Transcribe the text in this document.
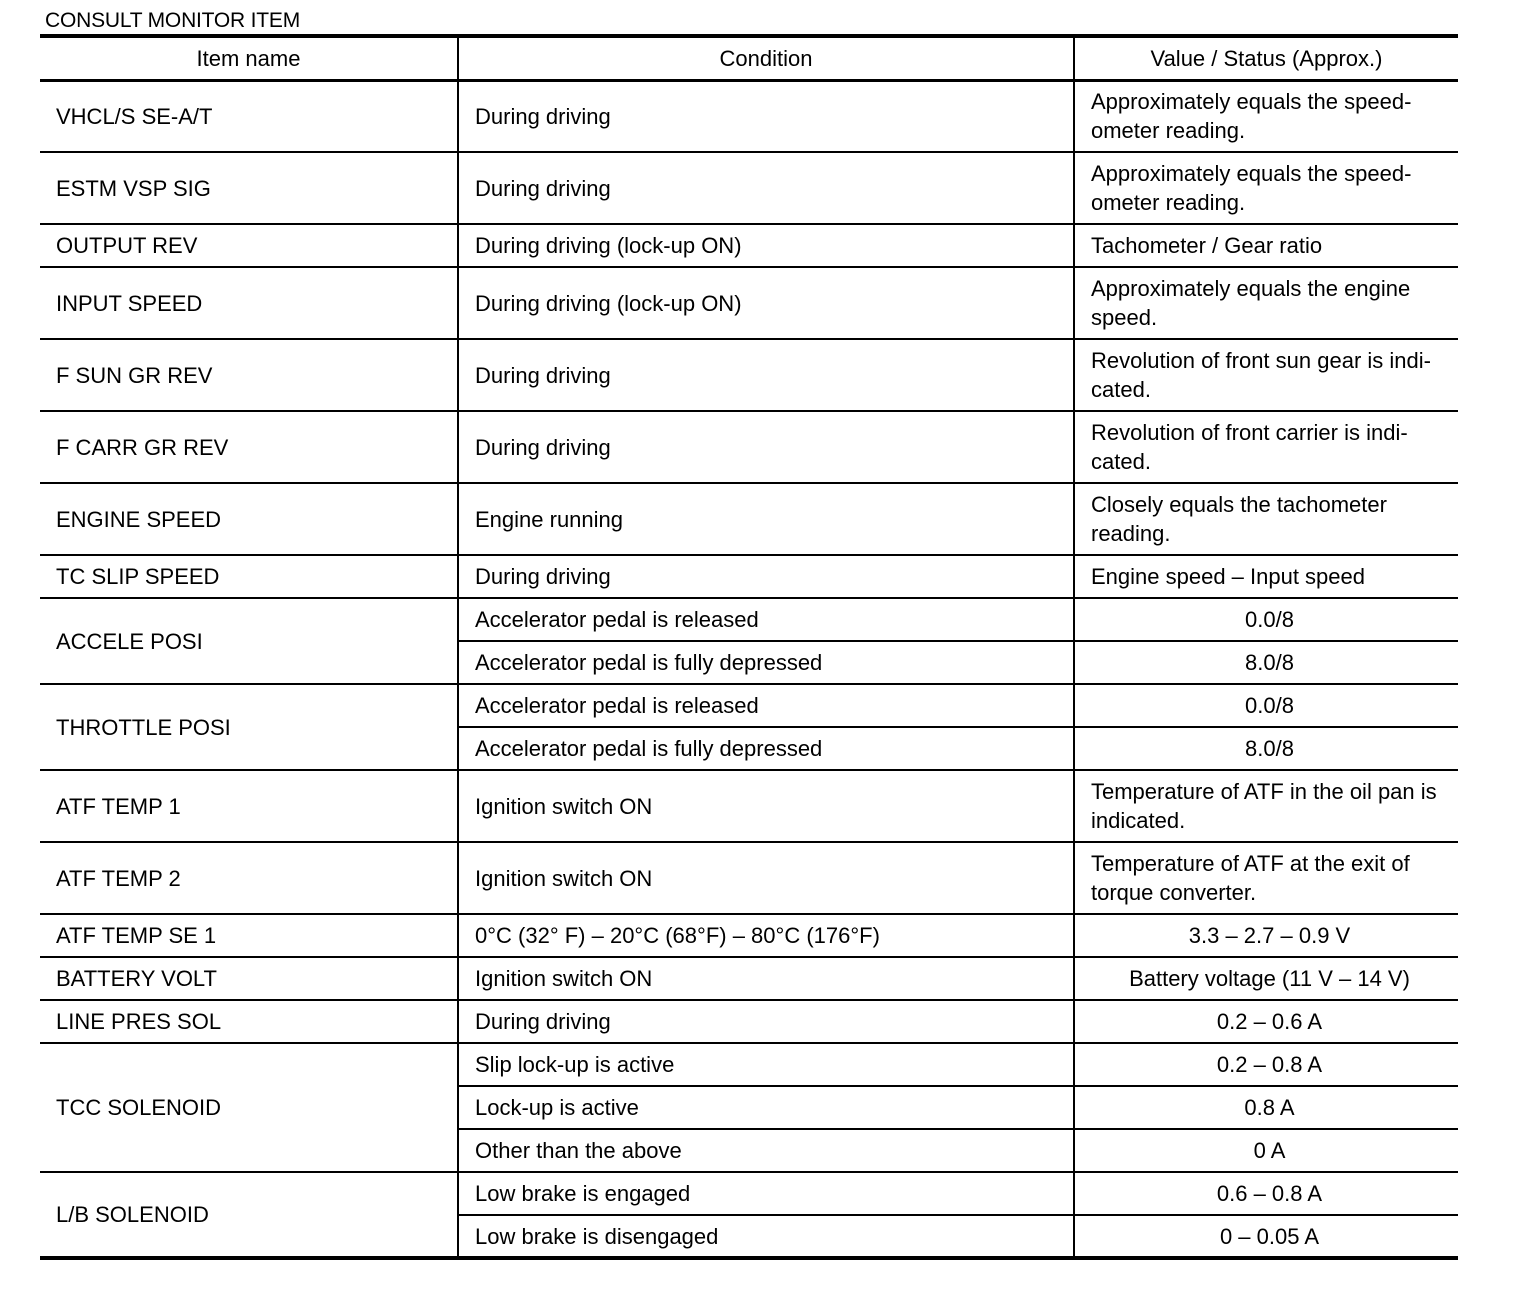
CONSULT MONITOR ITEM
Item name	Condition	Value / Status (Approx.)
VHCL/S SE-A/T	During driving	Approximately equals the speed-
ometer reading.
ESTM VSP SIG	During driving	Approximately equals the speed-
ometer reading.
OUTPUT REV	During driving (lock-up ON)	Tachometer / Gear ratio
INPUT SPEED	During driving (lock-up ON)	Approximately equals the engine
speed.
F SUN GR REV	During driving	Revolution of front sun gear is indi-
cated.
F CARR GR REV	During driving	Revolution of front carrier is indi-
cated.
ENGINE SPEED	Engine running	Closely equals the tachometer
reading.
TC SLIP SPEED	During driving	Engine speed – Input speed
ACCELE POSI	Accelerator pedal is released	0.0/8
	Accelerator pedal is fully depressed	8.0/8
THROTTLE POSI	Accelerator pedal is released	0.0/8
	Accelerator pedal is fully depressed	8.0/8
ATF TEMP 1	Ignition switch ON	Temperature of ATF in the oil pan is
indicated.
ATF TEMP 2	Ignition switch ON	Temperature of ATF at the exit of
torque converter.
ATF TEMP SE 1	0°C (32° F) – 20°C (68°F) – 80°C (176°F)	3.3 – 2.7 – 0.9 V
BATTERY VOLT	Ignition switch ON	Battery voltage (11 V – 14 V)
LINE PRES SOL	During driving	0.2 – 0.6 A
TCC SOLENOID	Slip lock-up is active	0.2 – 0.8 A
	Lock-up is active	0.8 A
	Other than the above	0 A
L/B SOLENOID	Low brake is engaged	0.6 – 0.8 A
	Low brake is disengaged	0 – 0.05 A
